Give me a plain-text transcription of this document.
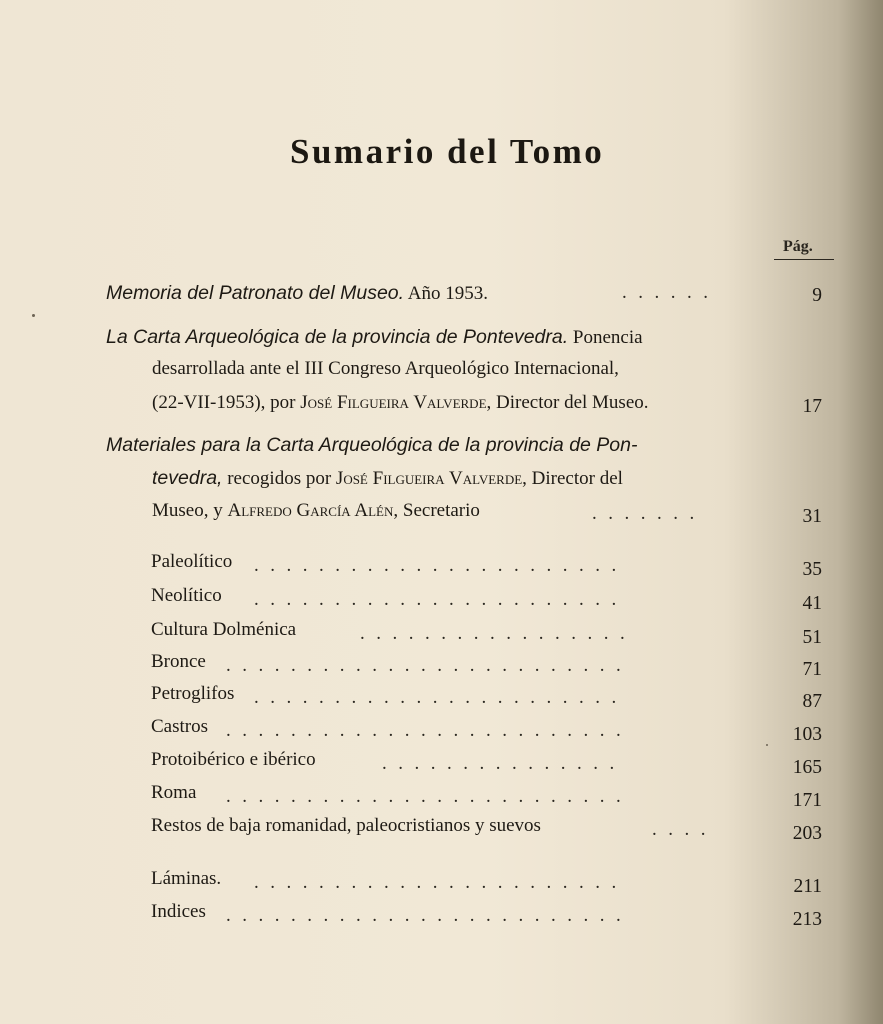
Sumario del Tomo
Pág.
Memoria del Patronato del Museo. Año 1953.	......	9
La Carta Arqueológica de la provincia de Pontevedra. Ponencia
desarrollada ante el III Congreso Arqueológico Internacional,
(22-VII-1953), por José Filgueira Valverde, Director del Museo.	17
Materiales para la Carta Arqueológica de la provincia de Pon-
tevedra, recogidos por José Filgueira Valverde, Director del
Museo, y Alfredo García Alén, Secretario	.......	31
Paleolítico .......................	35
Neolítico .......................	41
Cultura Dolménica	.................	51
Bronce .........................	71
Petroglifos .......................	87
Castros .........................	103
Protoibérico e ibérico	...............	165
Roma .........................	171
Restos de baja romanidad, paleocristianos y suevos	....	203
Láminas. .......................	211
Indices .........................	213
